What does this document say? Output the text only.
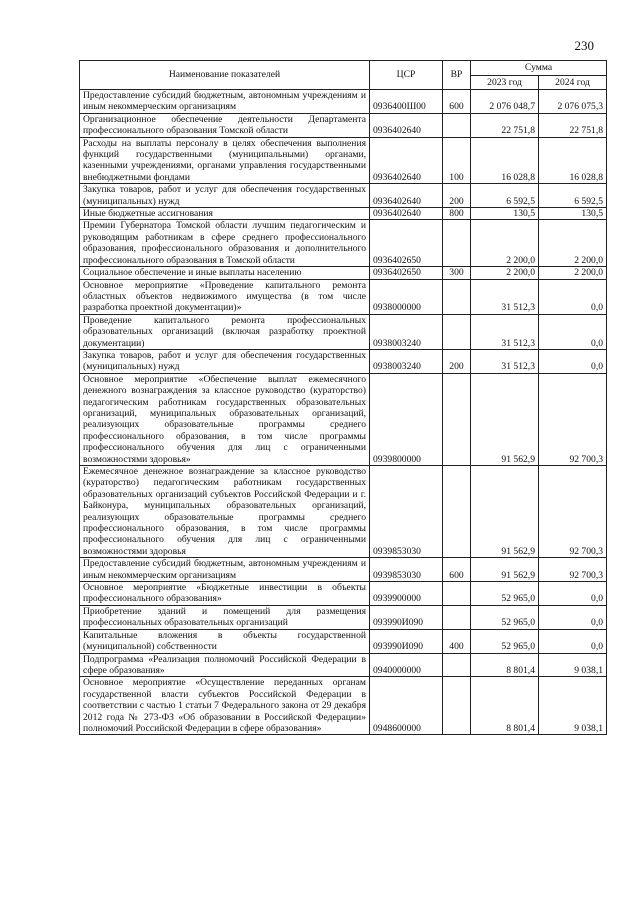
230
Наименование показателей	ЦСР	ВР	Сумма	
			2023 год	2024 год
Предоставление субсидий бюджетным, автономным учреждениям и иным некоммерческим организациям	0936400Ш00	600	2 076 048,7	2 076 075,3
Организационное обеспечение деятельности Департамента профессионального образования Томской области	0936402640		22 751,8	22 751,8
Расходы на выплаты персоналу в целях обеспечения выполнения функций государственными (муниципальными) органами, казенными учреждениями, органами управления государственными внебюджетными фондами	0936402640	100	16 028,8	16 028,8
Закупка товаров, работ и услуг для обеспечения государственных (муниципальных) нужд	0936402640	200	6 592,5	6 592,5
Иные бюджетные ассигнования	0936402640	800	130,5	130,5
Премии Губернатора Томской области лучшим педагогическим и руководящим работникам в сфере среднего профессионального образования, профессионального образования и дополнительного профессионального образования в Томской области	0936402650		2 200,0	2 200,0
Социальное обеспечение и иные выплаты населению	0936402650	300	2 200,0	2 200,0
Основное мероприятие «Проведение капитального ремонта областных объектов недвижимого имущества (в том числе разработка проектной документации)»	0938000000		31 512,3	0,0
Проведение капитального ремонта профессиональных образовательных организаций (включая разработку проектной документации)	0938003240		31 512,3	0,0
Закупка товаров, работ и услуг для обеспечения государственных (муниципальных) нужд	0938003240	200	31 512,3	0,0
Основное мероприятие «Обеспечение выплат ежемесячного денежного вознаграждения за классное руководство (кураторство) педагогическим работникам государственных образовательных организаций, муниципальных образовательных организаций, реализующих образовательные программы среднего профессионального образования, в том числе программы профессионального обучения для лиц с ограниченными возможностями здоровья»	0939800000		91 562,9	92 700,3
Ежемесячное денежное вознаграждение за классное руководство (кураторство) педагогическим работникам государственных образовательных организаций субъектов Российской Федерации и г. Байконура, муниципальных образовательных организаций, реализующих образовательные программы среднего профессионального образования, в том числе программы профессионального обучения для лиц с ограниченными возможностями здоровья	0939853030		91 562,9	92 700,3
Предоставление субсидий бюджетным, автономным учреждениям и иным некоммерческим организациям	0939853030	600	91 562,9	92 700,3
Основное мероприятие «Бюджетные инвестиции в объекты профессионального образования»	0939900000		52 965,0	0,0
Приобретение зданий и помещений для размещения профессиональных образовательных организаций	093990И090		52 965,0	0,0
Капитальные вложения в объекты государственной (муниципальной) собственности	093990И090	400	52 965,0	0,0
Подпрограмма «Реализация полномочий Российской Федерации в сфере образования»	0940000000		8 801,4	9 038,1
Основное мероприятие «Осуществление переданных органам государственной власти субъектов Российской Федерации в соответствии с частью 1 статьи 7 Федерального закона от 29 декабря 2012 года № 273-ФЗ «Об образовании в Российской Федерации» полномочий Российской Федерации в сфере образования»	0948600000		8 801,4	9 038,1
